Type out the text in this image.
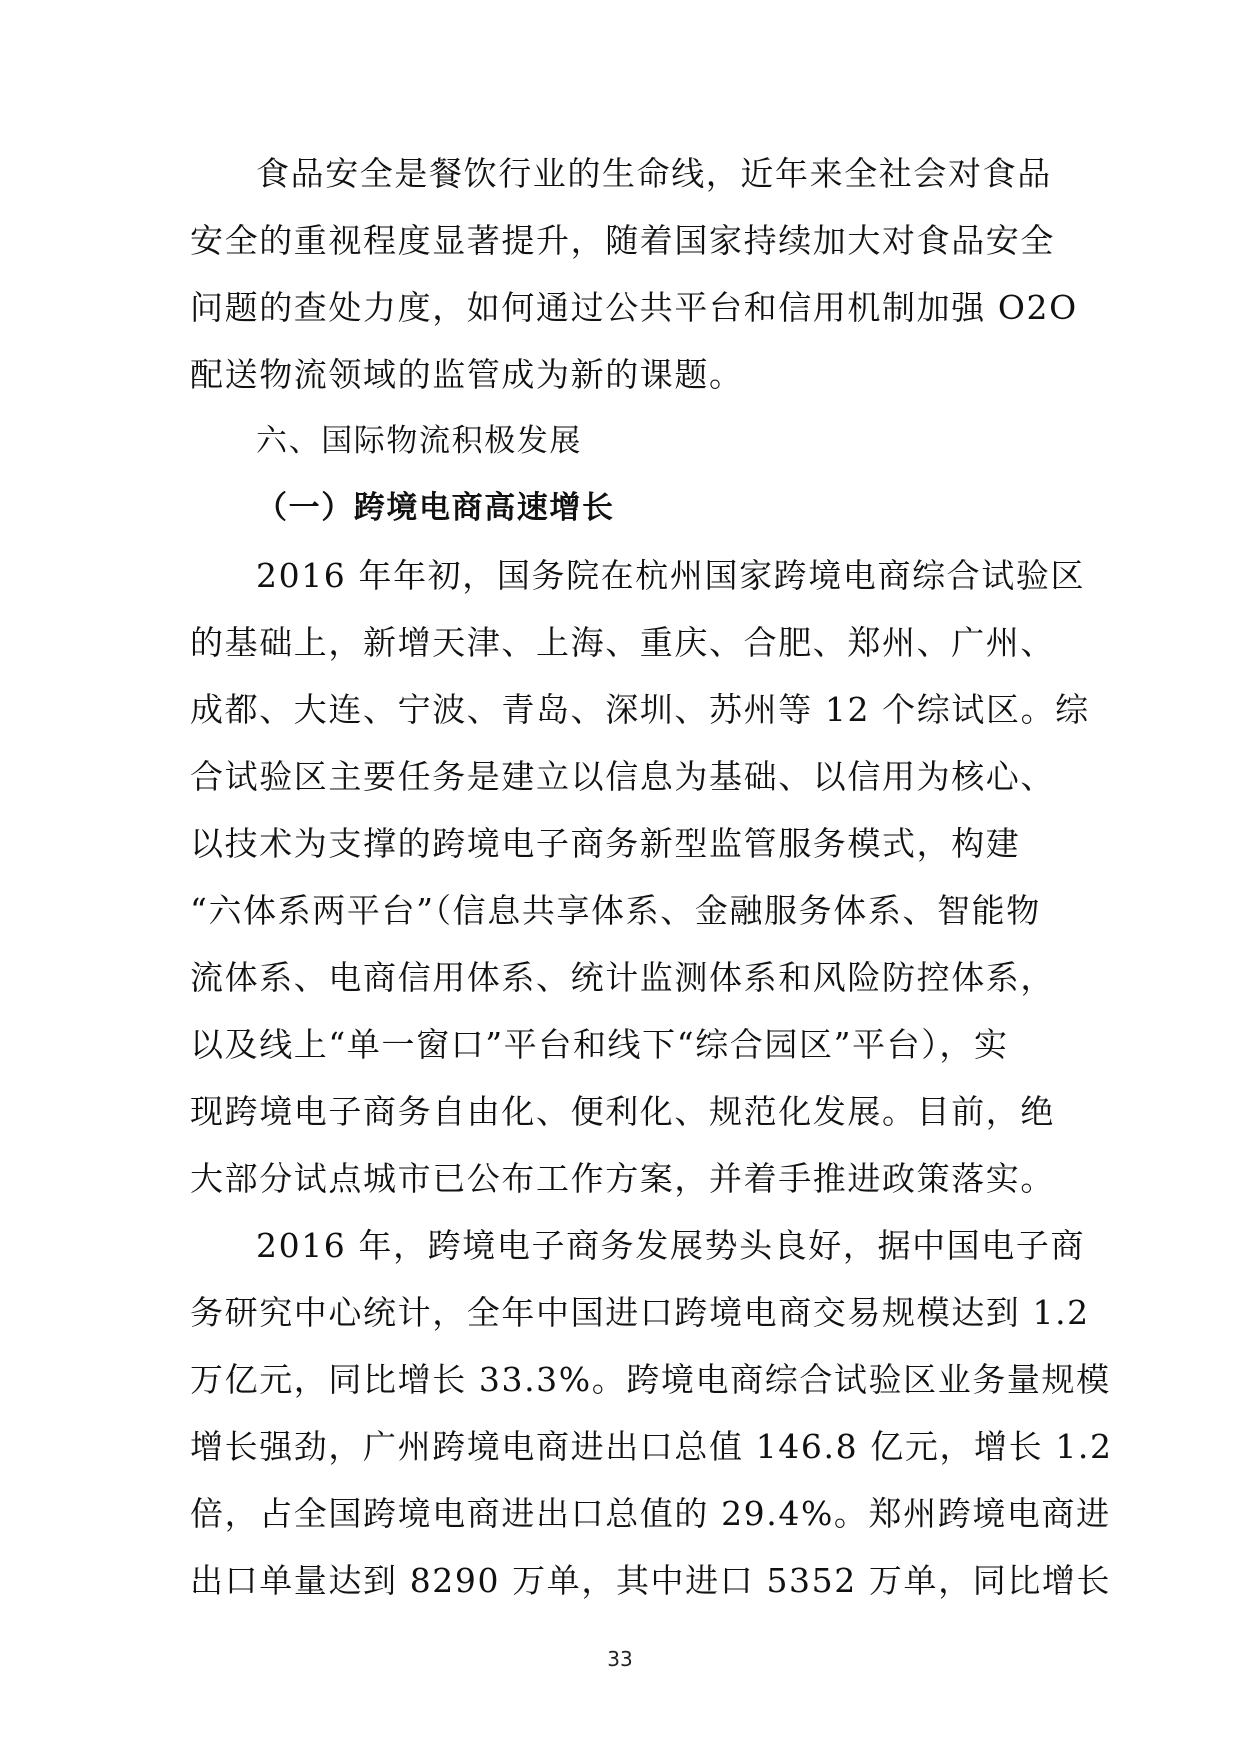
食品安全是餐饮行业的生命线，近年来全社会对食品
安全的重视程度显著提升，随着国家持续加大对食品安全
问题的查处力度，如何通过公共平台和信用机制加强 O2O
配送物流领域的监管成为新的课题。
六、国际物流积极发展
（一）跨境电商高速增长
2016 年年初，国务院在杭州国家跨境电商综合试验区
的基础上，新增天津、上海、重庆、合肥、郑州、广州、
成都、大连、宁波、青岛、深圳、苏州等 12 个综试区。综
合试验区主要任务是建立以信息为基础、以信用为核心、
以技术为支撑的跨境电子商务新型监管服务模式，构建
“六体系两平台”（信息共享体系、金融服务体系、智能物
流体系、电商信用体系、统计监测体系和风险防控体系，
以及线上“单一窗口”平台和线下“综合园区”平台），实
现跨境电子商务自由化、便利化、规范化发展。目前，绝
大部分试点城市已公布工作方案，并着手推进政策落实。
2016 年，跨境电子商务发展势头良好，据中国电子商
务研究中心统计，全年中国进口跨境电商交易规模达到 1.2
万亿元，同比增长 33.3%。跨境电商综合试验区业务量规模
增长强劲，广州跨境电商进出口总值 146.8 亿元，增长 1.2
倍，占全国跨境电商进出口总值的 29.4%。郑州跨境电商进
出口单量达到 8290 万单，其中进口 5352 万单，同比增长
33
